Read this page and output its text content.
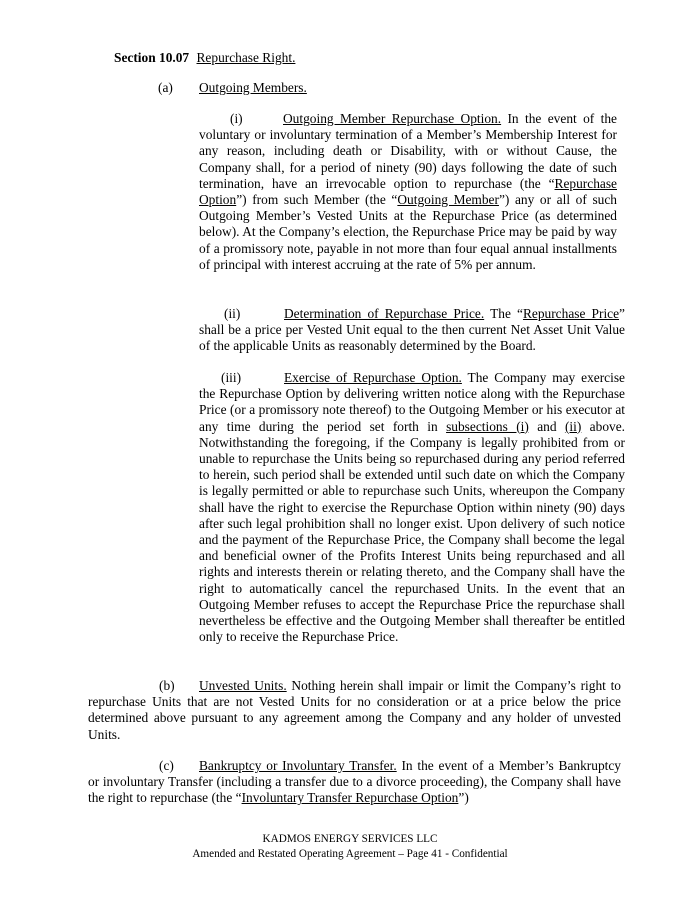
Section 10.07 Repurchase Right.
(a) Outgoing Members.
(i)	Outgoing Member Repurchase Option. In the event of the voluntary or involuntary termination of a Member’s Membership Interest for any reason, including death or Disability, with or without Cause, the Company shall, for a period of ninety (90) days following the date of such termination, have an irrevocable option to repurchase (the “Repurchase Option”) from such Member (the “Outgoing Member”) any or all of such Outgoing Member’s Vested Units at the Repurchase Price (as determined below). At the Company’s election, the Repurchase Price may be paid by way of a promissory note, payable in not more than four equal annual installments of principal with interest accruing at the rate of 5% per annum.
(ii)	Determination of Repurchase Price. The “Repurchase Price” shall be a price per Vested Unit equal to the then current Net Asset Unit Value of the applicable Units as reasonably determined by the Board.
(iii)	Exercise of Repurchase Option. The Company may exercise the Repurchase Option by delivering written notice along with the Repurchase Price (or a promissory note thereof) to the Outgoing Member or his executor at any time during the period set forth in subsections (i) and (ii) above. Notwithstanding the foregoing, if the Company is legally prohibited from or unable to repurchase the Units being so repurchased during any period referred to herein, such period shall be extended until such date on which the Company is legally permitted or able to repurchase such Units, whereupon the Company shall have the right to exercise the Repurchase Option within ninety (90) days after such legal prohibition shall no longer exist. Upon delivery of such notice and the payment of the Repurchase Price, the Company shall become the legal and beneficial owner of the Profits Interest Units being repurchased and all rights and interests therein or relating thereto, and the Company shall have the right to automatically cancel the repurchased Units. In the event that an Outgoing Member refuses to accept the Repurchase Price the repurchase shall nevertheless be effective and the Outgoing Member shall thereafter be entitled only to receive the Repurchase Price.
(b) Unvested Units. Nothing herein shall impair or limit the Company’s right to repurchase Units that are not Vested Units for no consideration or at a price below the price determined above pursuant to any agreement among the Company and any holder of unvested Units.
(c) Bankruptcy or Involuntary Transfer. In the event of a Member’s Bankruptcy or involuntary Transfer (including a transfer due to a divorce proceeding), the Company shall have the right to repurchase (the “Involuntary Transfer Repurchase Option”)
KADMOS ENERGY SERVICES LLC
Amended and Restated Operating Agreement – Page 41 - Confidential
